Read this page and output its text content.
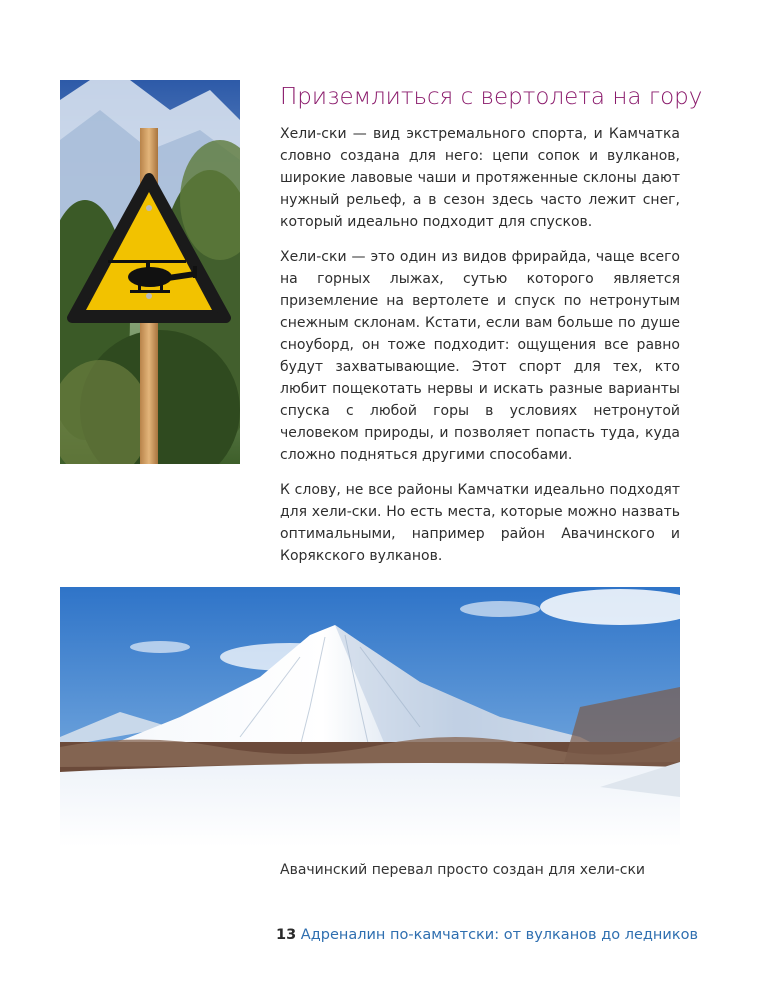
Приземлиться с вертолета на гору

Хели-ски — вид экстремального спорта, и Камчатка словно создана для него: цепи сопок и вулканов, широкие лавовые чаши и протяженные склоны дают нужный рельеф, а в сезон здесь часто лежит снег, который идеально подходит для спусков.

Хели-ски — это один из видов фрирайда, чаще всего на горных лыжах, сутью которого является приземление на вертолете и спуск по нетронутым снежным склонам. Кстати, если вам больше по душе сноуборд, он тоже подходит: ощущения все равно будут захватывающие. Этот спорт для тех, кто любит пощекотать нервы и искать разные варианты спуска с любой горы в условиях нетронутой человеком природы, и позволяет попасть туда, куда сложно подняться другими способами.

К слову, не все районы Камчатки идеально подходят для хели-ски. Но есть места, которые можно назвать оптимальными, например район Авачинского и Корякского вулканов.

Авачинский перевал просто создан для хели-ски
13 Адреналин по-камчатски: от вулканов до ледников
